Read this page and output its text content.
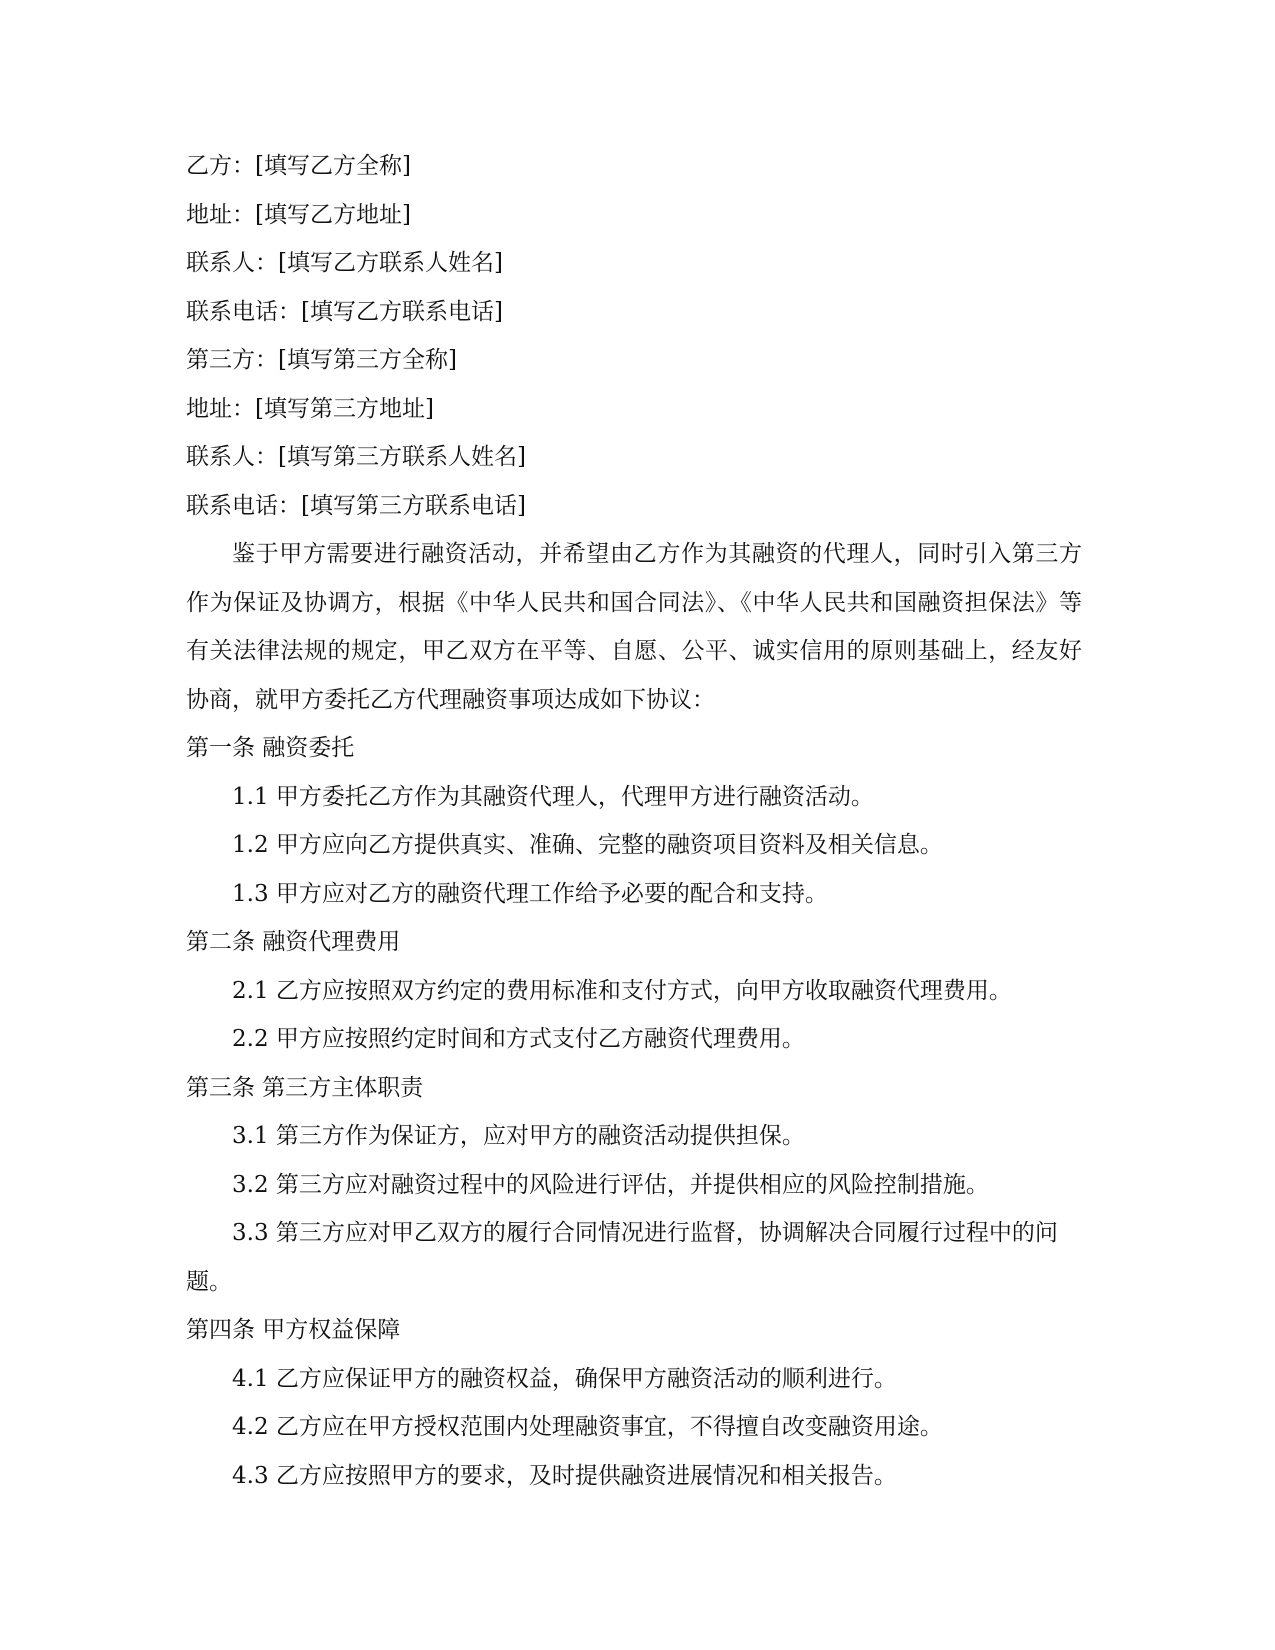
乙方：[填写乙方全称]
地址：[填写乙方地址]
联系人：[填写乙方联系人姓名]
联系电话：[填写乙方联系电话]
第三方：[填写第三方全称]
地址：[填写第三方地址]
联系人：[填写第三方联系人姓名]
联系电话：[填写第三方联系电话]
鉴于甲方需要进行融资活动，并希望由乙方作为其融资的代理人，同时引入第三方作为保证及协调方，根据《中华人民共和国合同法》、《中华人民共和国融资担保法》等有关法律法规的规定，甲乙双方在平等、自愿、公平、诚实信用的原则基础上，经友好协商，就甲方委托乙方代理融资事项达成如下协议：
第一条 融资委托
1.1 甲方委托乙方作为其融资代理人，代理甲方进行融资活动。
1.2 甲方应向乙方提供真实、准确、完整的融资项目资料及相关信息。
1.3 甲方应对乙方的融资代理工作给予必要的配合和支持。
第二条 融资代理费用
2.1 乙方应按照双方约定的费用标准和支付方式，向甲方收取融资代理费用。
2.2 甲方应按照约定时间和方式支付乙方融资代理费用。
第三条 第三方主体职责
3.1 第三方作为保证方，应对甲方的融资活动提供担保。
3.2 第三方应对融资过程中的风险进行评估，并提供相应的风险控制措施。
3.3 第三方应对甲乙双方的履行合同情况进行监督，协调解决合同履行过程中的问题。
第四条 甲方权益保障
4.1 乙方应保证甲方的融资权益，确保甲方融资活动的顺利进行。
4.2 乙方应在甲方授权范围内处理融资事宜，不得擅自改变融资用途。
4.3 乙方应按照甲方的要求，及时提供融资进展情况和相关报告。
